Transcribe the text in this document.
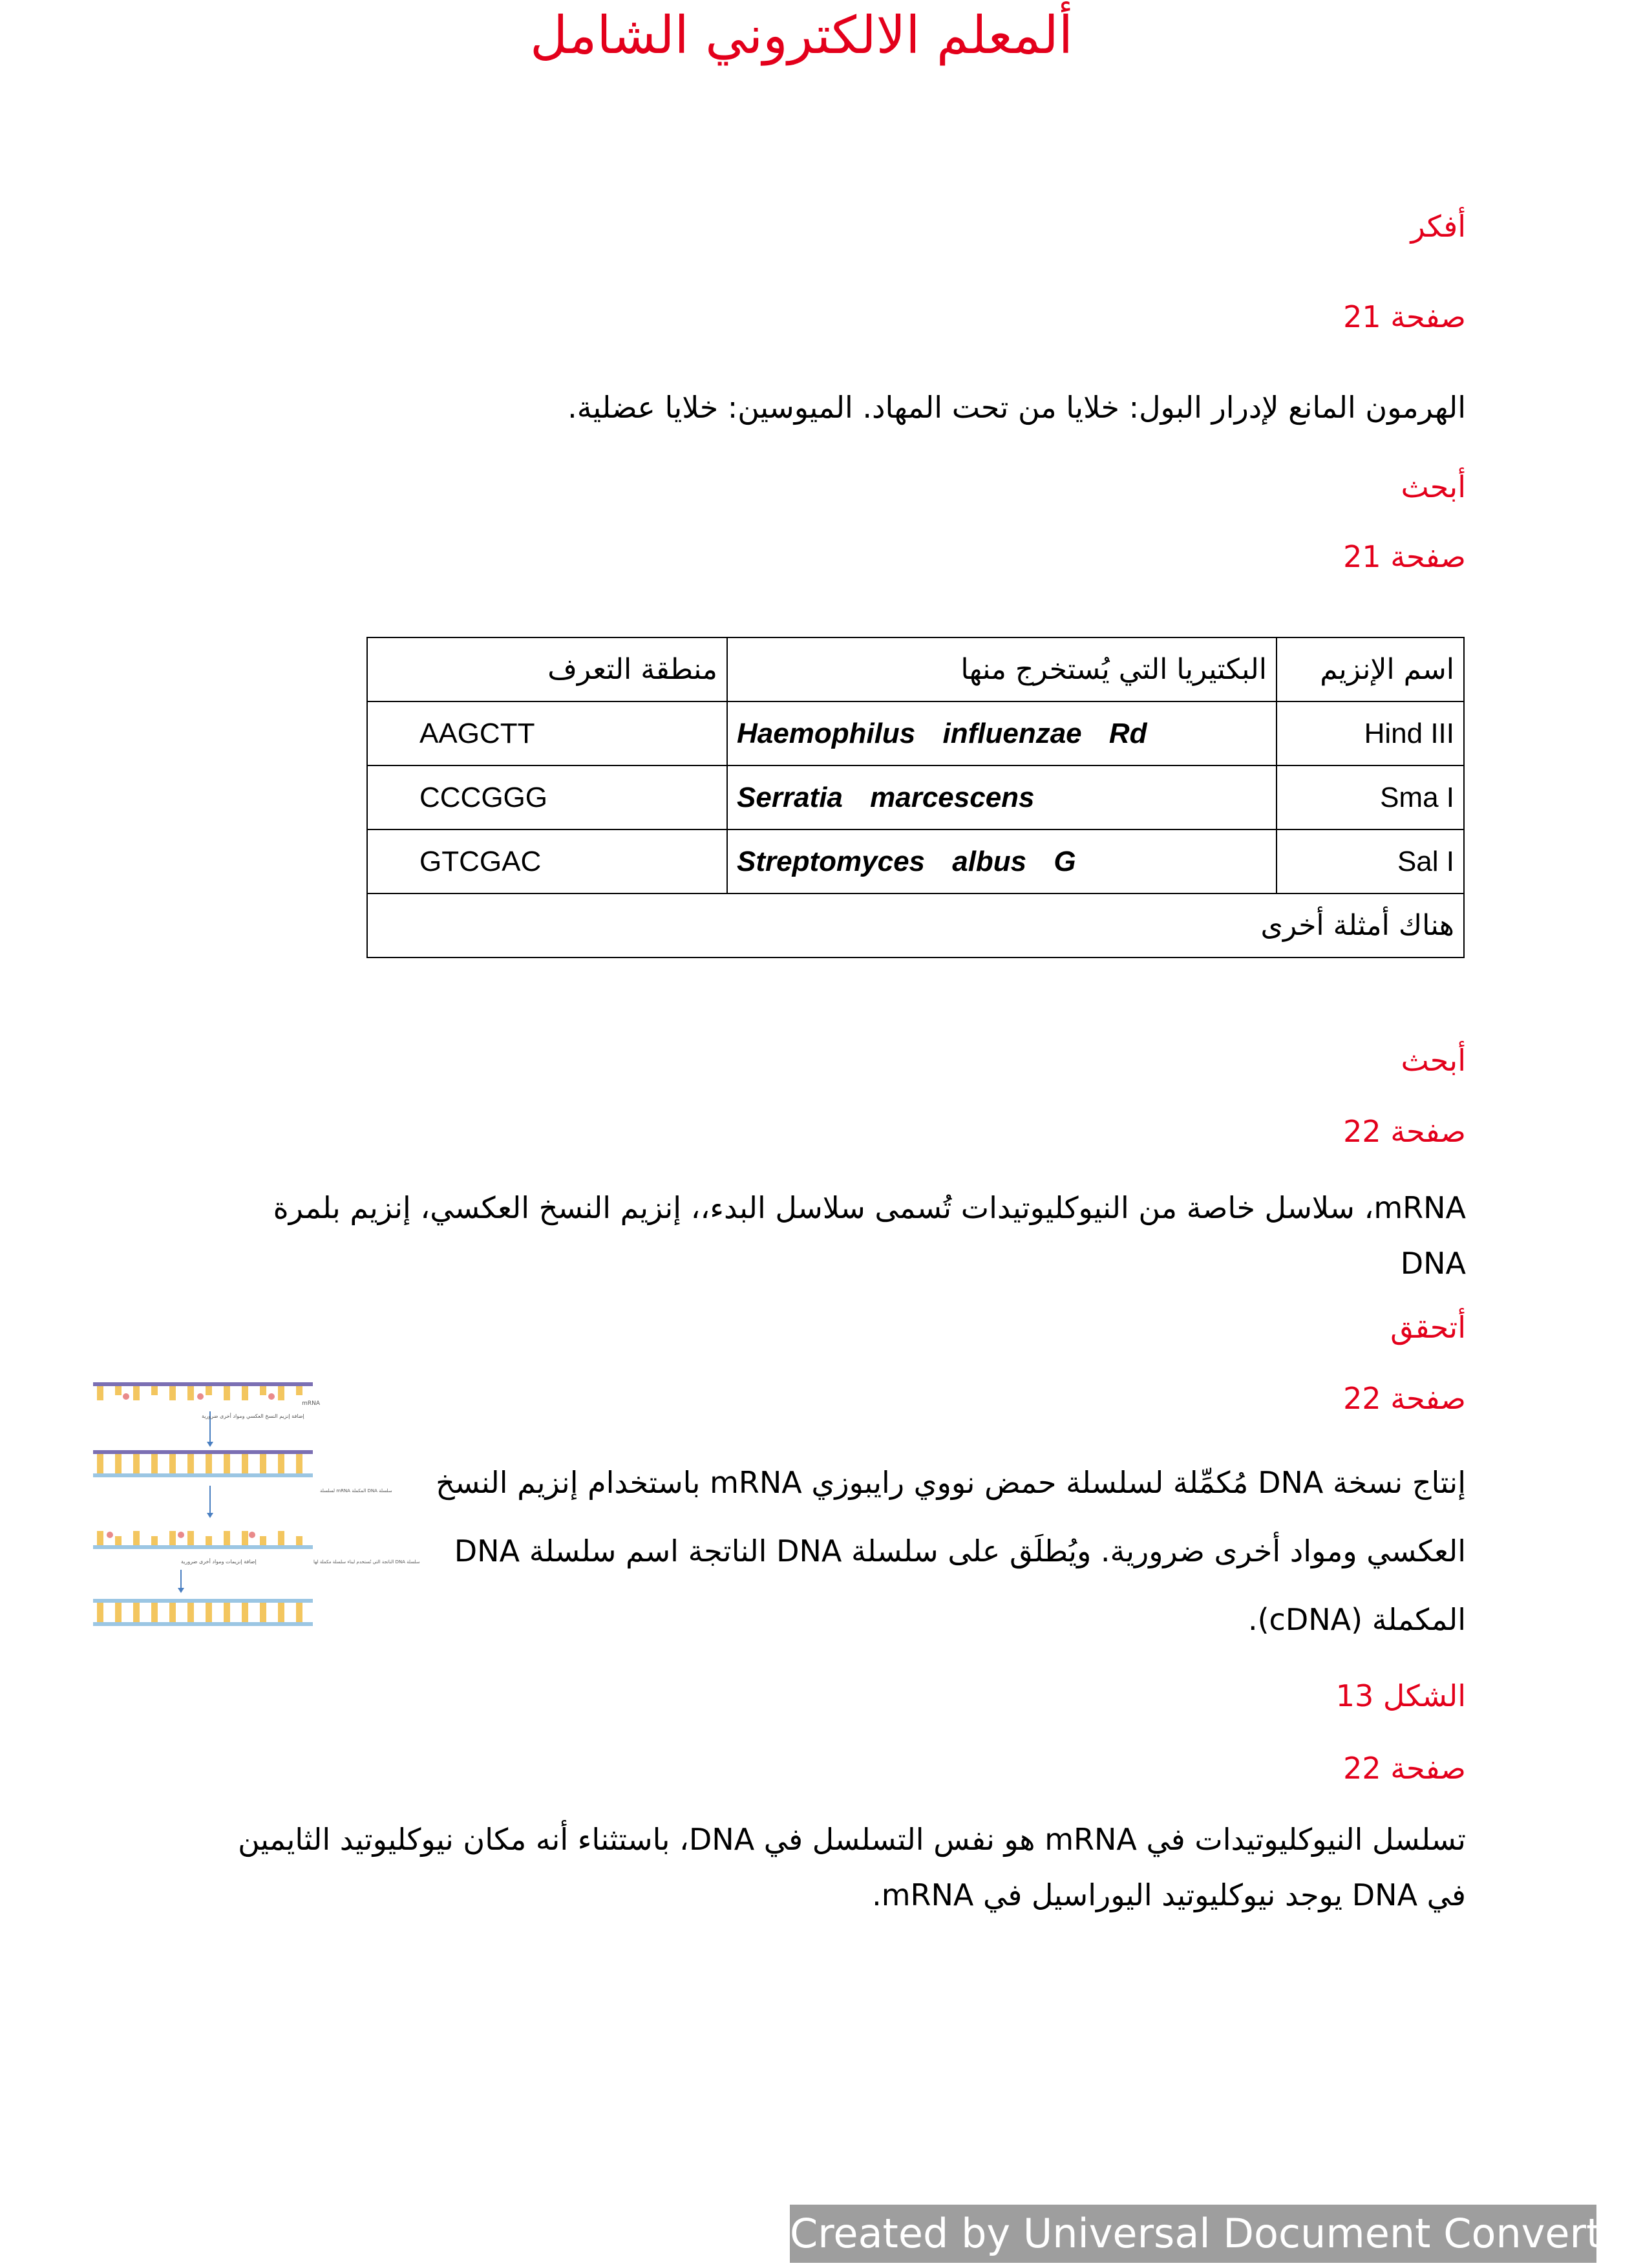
ألمعلم الالكتروني الشامل
أفكر
صفحة 21
الهرمون المانع لإدرار البول: خلايا من تحت المهاد. الميوسين: خلايا عضلية.
أبحث
صفحة 21
اسم الإنزيم	البكتيريا التي يُستخرج منها	منطقة التعرف
Hind III	Haemophilus influenzae Rd	AAGCTT
Sma I	Serratia marcescens	CCCGGG
Sal I	Streptomyces albus G	GTCGAC
هناك أمثلة أخرى		
أبحث
صفحة 22
mRNA، سلاسل خاصة من النيوكليوتيدات تُسمى سلاسل البدء،، إنزيم النسخ العكسي، إنزيم بلمرة DNA
أتحقق
صفحة 22
إنتاج نسخة DNA مُكمِّلة لسلسلة حمض نووي رايبوزي mRNA باستخدام إنزيم النسخ العكسي ومواد أخرى ضرورية. ويُطلَق على سلسلة DNA الناتجة اسم سلسلة DNA المكملة (cDNA).
الشكل 13
صفحة 22
تسلسل النيوكليوتيدات في mRNA هو نفس التسلسل في DNA، باستثناء أنه مكان نيوكليوتيد الثايمين في DNA يوجد نيوكليوتيد اليوراسيل في mRNA.
mRNA
إضافة إنزيم النسخ العكسي ومواد أخرى ضرورية
سلسلة DNA المكملة mRNA لسلسلة
سلسلة DNA الناتجة التي تُستخدم لبناء سلسلة مكملة لها
إضافة إنزيمات ومواد أخرى ضرورية
Created by Universal Document Converter
